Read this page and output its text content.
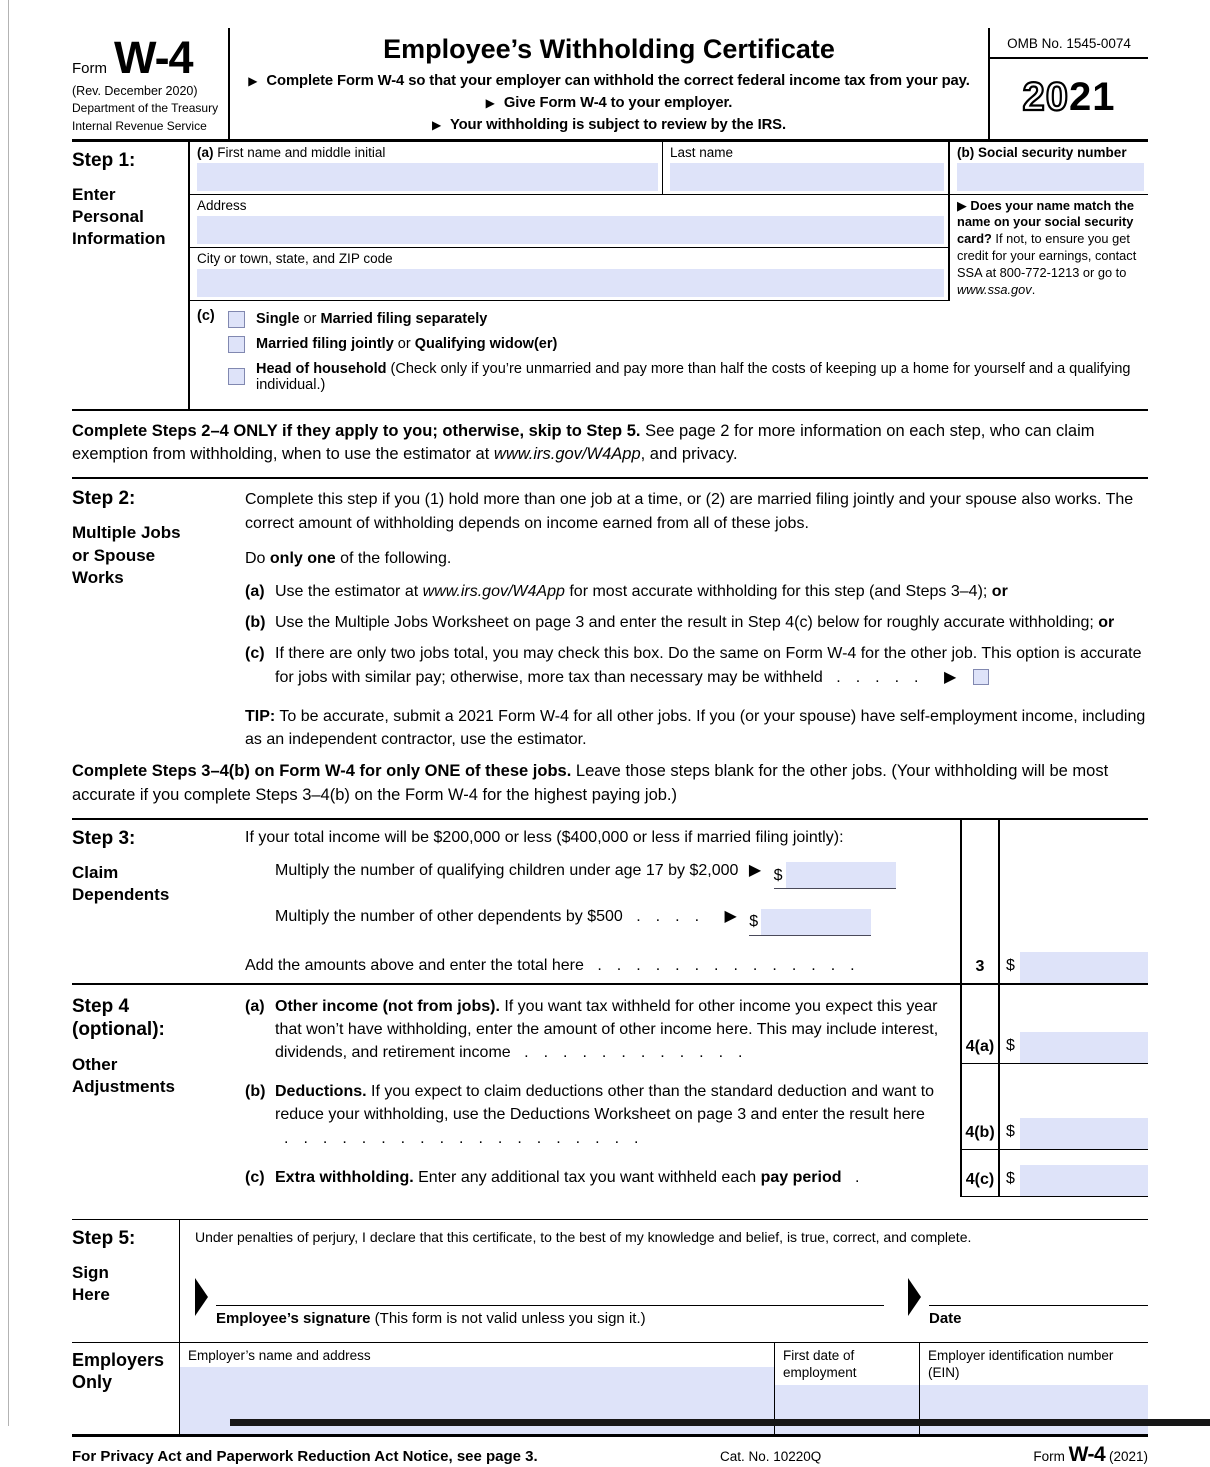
Form W-4
(Rev. December 2020)
Department of the Treasury
Internal Revenue Service
Employee’s Withholding Certificate
▶ Complete Form W-4 so that your employer can withhold the correct federal income tax from your pay.
▶ Give Form W-4 to your employer.
▶ Your withholding is subject to review by the IRS.
OMB No. 1545-0074
20 21
Step 1:
Enter Personal Information
(a) First name and middle initial	Last name
Address
City or town, state, and ZIP code
(b) Social security number
▶ Does your name match the name on your social security card? If not, to ensure you get credit for your earnings, contact SSA at 800-772-1213 or go to www.ssa.gov.
(c)	Single or Married filing separately
Married filing jointly or Qualifying widow(er)
Head of household (Check only if you’re unmarried and pay more than half the costs of keeping up a home for yourself and a qualifying individual.)
Complete Steps 2–4 ONLY if they apply to you; otherwise, skip to Step 5. See page 2 for more information on each step, who can claim exemption from withholding, when to use the estimator at www.irs.gov/W4App, and privacy.
Step 2:
Multiple Jobs or Spouse Works
Complete this step if you (1) hold more than one job at a time, or (2) are married filing jointly and your spouse also works. The correct amount of withholding depends on income earned from all of these jobs.
Do only one of the following.
(a) Use the estimator at www.irs.gov/W4App for most accurate withholding for this step (and Steps 3–4); or
(b) Use the Multiple Jobs Worksheet on page 3 and enter the result in Step 4(c) below for roughly accurate withholding; or
(c) If there are only two jobs total, you may check this box. Do the same on Form W-4 for the other job. This option is accurate for jobs with similar pay; otherwise, more tax than necessary may be withheld ..... ▶
TIP: To be accurate, submit a 2021 Form W-4 for all other jobs. If you (or your spouse) have self-employment income, including as an independent contractor, use the estimator.
Complete Steps 3–4(b) on Form W-4 for only ONE of these jobs. Leave those steps blank for the other jobs. (Your withholding will be most accurate if you complete Steps 3–4(b) on the Form W-4 for the highest paying job.)
Step 3:
Claim Dependents
If your total income will be $200,000 or less ($400,000 or less if married filing jointly):
Multiply the number of qualifying children under age 17 by $2,000 ▶ $
Multiply the number of other dependents by $500 .... ▶ $
Add the amounts above and enter the total here ..............	3 $
Step 4 (optional):
Other Adjustments
(a) Other income (not from jobs). If you want tax withheld for other income you expect this year that won’t have withholding, enter the amount of other income here. This may include interest, dividends, and retirement income ............	4(a) $
(b) Deductions. If you expect to claim deductions other than the standard deduction and want to reduce your withholding, use the Deductions Worksheet on page 3 and enter the result here ...................	4(b) $
(c) Extra withholding. Enter any additional tax you want withheld each pay period .	4(c) $
Step 5:
Sign Here
Under penalties of perjury, I declare that this certificate, to the best of my knowledge and belief, is true, correct, and complete.
Employee’s signature (This form is not valid unless you sign it.)	Date
Employers Only
Employer’s name and address	First date of employment
Employer identification number (EIN)
For Privacy Act and Paperwork Reduction Act Notice, see page 3.	Cat. No. 10220Q	Form W-4 (2021)
